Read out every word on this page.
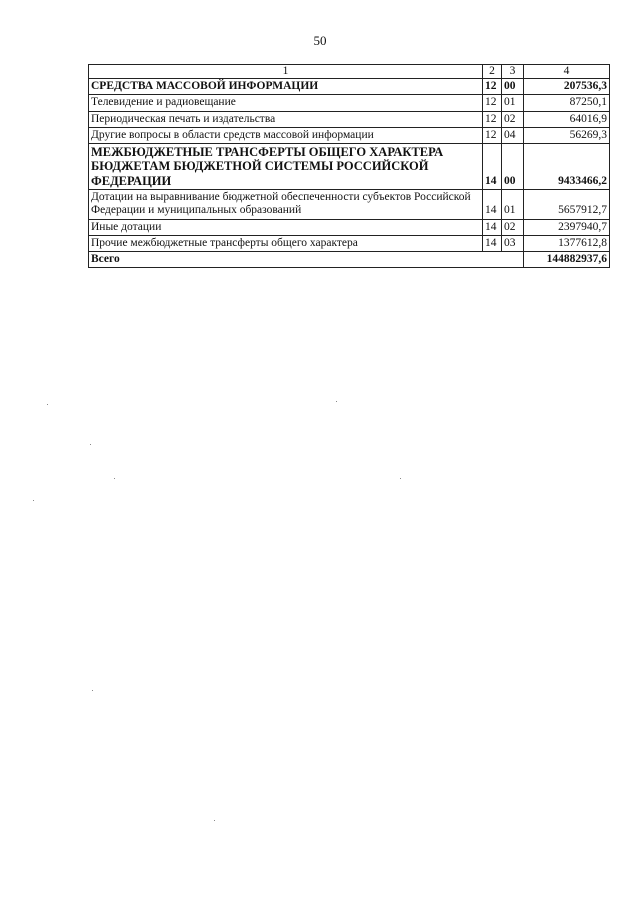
50
1	2	3	4
СРЕДСТВА МАССОВОЙ ИНФОРМАЦИИ	12	00	207536,3
Телевидение и радиовещание	12	01	87250,1
Периодическая печать и издательства	12	02	64016,9
Другие вопросы в области средств массовой информации	12	04	56269,3
МЕЖБЮДЖЕТНЫЕ ТРАНСФЕРТЫ ОБЩЕГО ХАРАКТЕРА БЮДЖЕТАМ БЮДЖЕТНОЙ СИСТЕМЫ РОССИЙСКОЙ ФЕДЕРАЦИИ	14	00	9433466,2
Дотации на выравнивание бюджетной обеспеченности субъектов Российской Федерации и муниципальных образований	14	01	5657912,7
Иные дотации	14	02	2397940,7
Прочие межбюджетные трансферты общего характера	14	03	1377612,8
Всего			144882937,6
